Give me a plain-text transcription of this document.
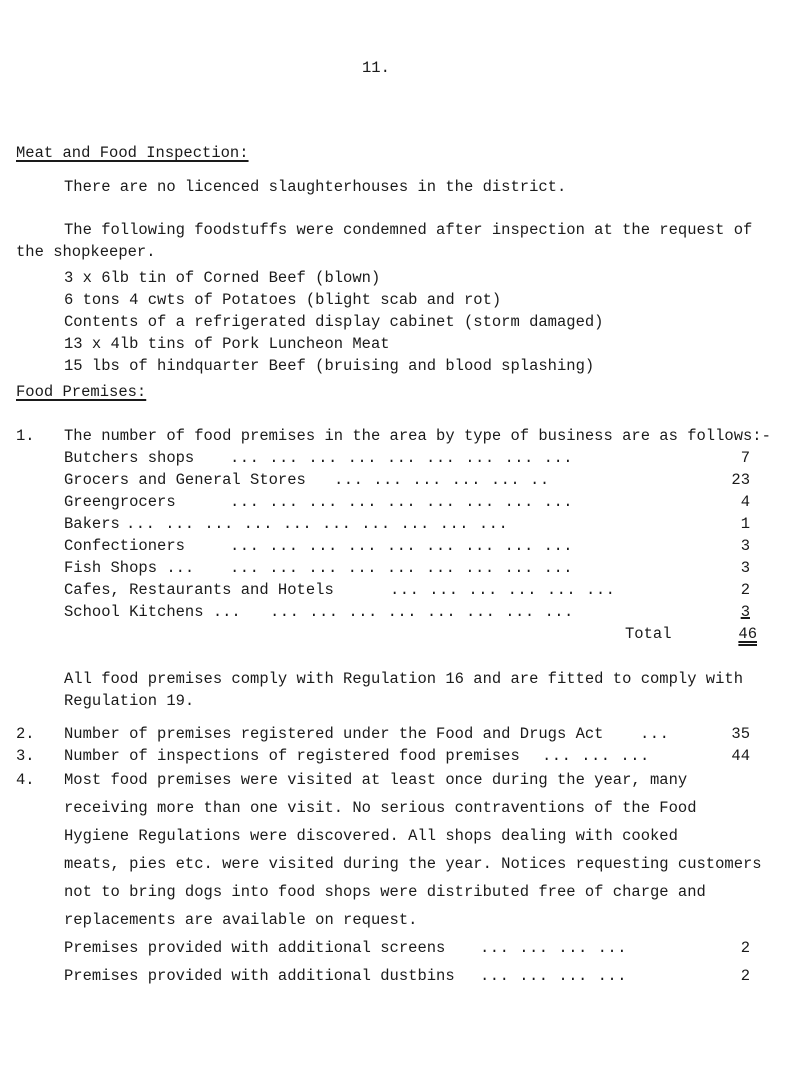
11.
Meat and Food Inspection:
There are no licenced slaughterhouses in the district.
The following foodstuffs were condemned after inspection at the request of
the shopkeeper.
3 x 6lb tin of Corned Beef (blown)
6 tons 4 cwts of Potatoes (blight scab and rot)
Contents of a refrigerated display cabinet (storm damaged)
13 x 4lb tins of Pork Luncheon Meat
15 lbs of hindquarter Beef (bruising and blood splashing)
Food Premises:
1. The number of food premises in the area by type of business are as follows:-
Butchers shops ... ... ... ... ... ... ... ... ...	7
Grocers and General Stores ... ... ... ... ... ..	23
Greengrocers	... ... ... ... ... ... ... ... ...	4
Bakers ... ... ... ... ... ... ... ... ... ...	1
Confectioners	... ... ... ... ... ... ... ... ...	3
Fish Shops ... ... ... ... ... ... ... ... ... ...	3
Cafes, Restaurants and Hotels	... ... ... ... ... ...	2
School Kitchens ... ... ... ... ... ... ... ... ...	3
Total	46
All food premises comply with Regulation 16 and are fitted to comply with
Regulation 19.
2. Number of premises registered under the Food and Drugs Act ...	35
3. Number of inspections of registered food premises ... ... ...	44
4. Most food premises were visited at least once during the year, many
receiving more than one visit. No serious contraventions of the Food
Hygiene Regulations were discovered. All shops dealing with cooked
meats, pies etc. were visited during the year. Notices requesting customers
not to bring dogs into food shops were distributed free of charge and
replacements are available on request.
Premises provided with additional screens ... ... ... ...	2
Premises provided with additional dustbins ... ... ... ...	2
